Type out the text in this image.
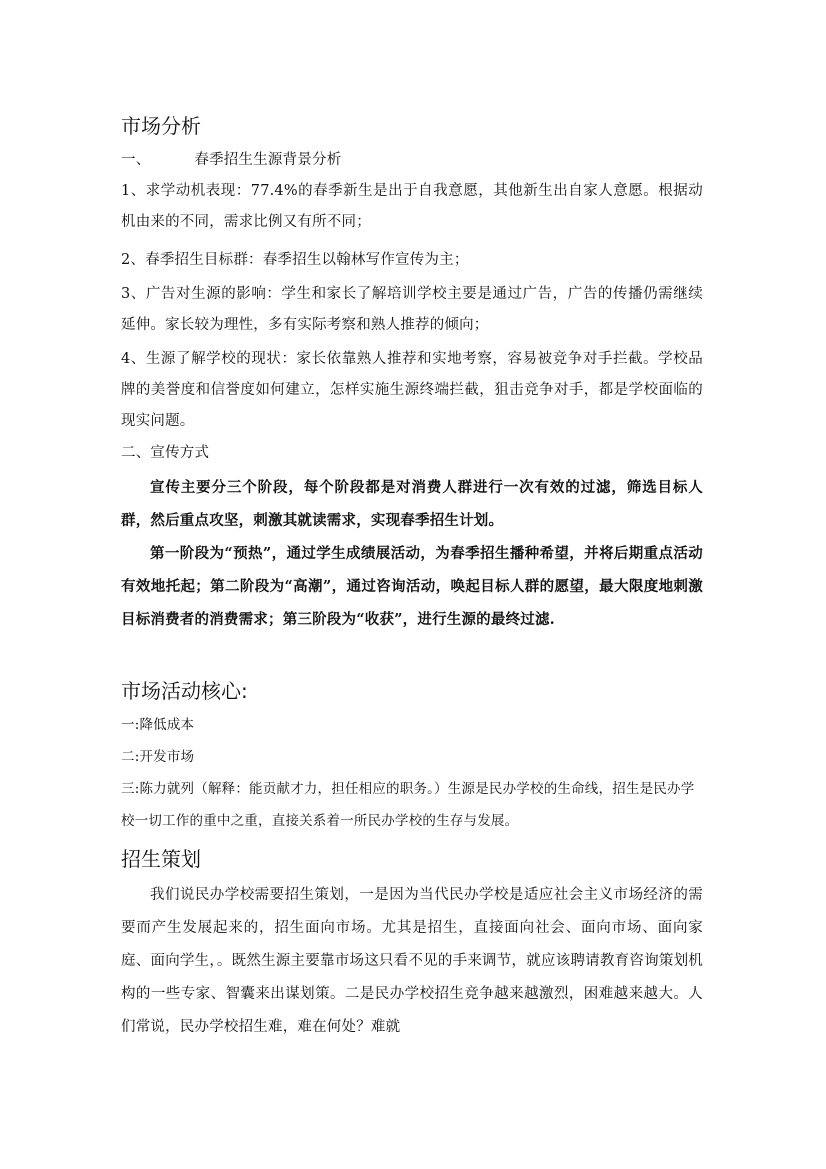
市场分析
一、	春季招生生源背景分析

1、求学动机表现：77.4%的春季新生是出于自我意愿，其他新生出自家人意愿。根据动机由来的不同，需求比例又有所不同；

2、春季招生目标群：春季招生以翰林写作宣传为主；

3、广告对生源的影响：学生和家长了解培训学校主要是通过广告，广告的传播仍需继续延伸。家长较为理性，多有实际考察和熟人推荐的倾向；

4、生源了解学校的现状：家长依靠熟人推荐和实地考察，容易被竞争对手拦截。学校品牌的美誉度和信誉度如何建立，怎样实施生源终端拦截，狙击竞争对手，都是学校面临的现实问题。

二、宣传方式

宣传主要分三个阶段，每个阶段都是对消费人群进行一次有效的过滤，筛选目标人群，然后重点攻坚，刺激其就读需求，实现春季招生计划。

第一阶段为“预热”，通过学生成绩展活动，为春季招生播种希望，并将后期重点活动有效地托起；第二阶段为“高潮”，通过咨询活动，唤起目标人群的愿望，最大限度地刺激目标消费者的消费需求；第三阶段为“收获”，进行生源的最终过滤.

市场活动核心:

一:降低成本

二:开发市场

三:陈力就列（解释：能贡献才力，担任相应的职务。）生源是民办学校的生命线，招生是民办学校一切工作的重中之重，直接关系着一所民办学校的生存与发展。

招生策划

我们说民办学校需要招生策划，一是因为当代民办学校是适应社会主义市场经济的需要而产生发展起来的，招生面向市场。尤其是招生，直接面向社会、面向市场、面向家庭、面向学生，。既然生源主要靠市场这只看不见的手来调节，就应该聘请教育咨询策划机构的一些专家、智囊来出谋划策。二是民办学校招生竞争越来越激烈，困难越来越大。人们常说，民办学校招生难，难在何处？难就
